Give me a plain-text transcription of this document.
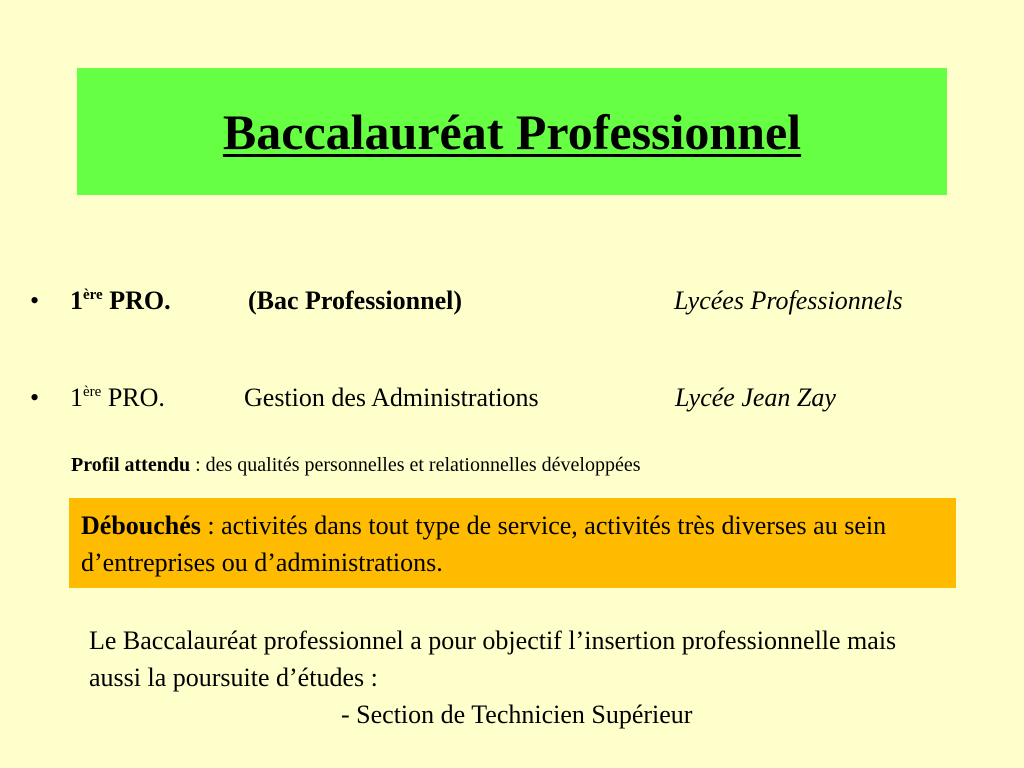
Baccalauréat Professionnel
• 1ère PRO.	(Bac Professionnel)	Lycées Professionnels
• 1ère PRO.	Gestion des Administrations	Lycée Jean Zay
Profil attendu : des qualités personnelles et relationnelles développées
Débouchés : activités dans tout type de service, activités très diverses au sein d’entreprises ou d’administrations.
Le Baccalauréat professionnel a pour objectif l’insertion professionnelle mais aussi la poursuite d’études :
- Section de Technicien Supérieur
